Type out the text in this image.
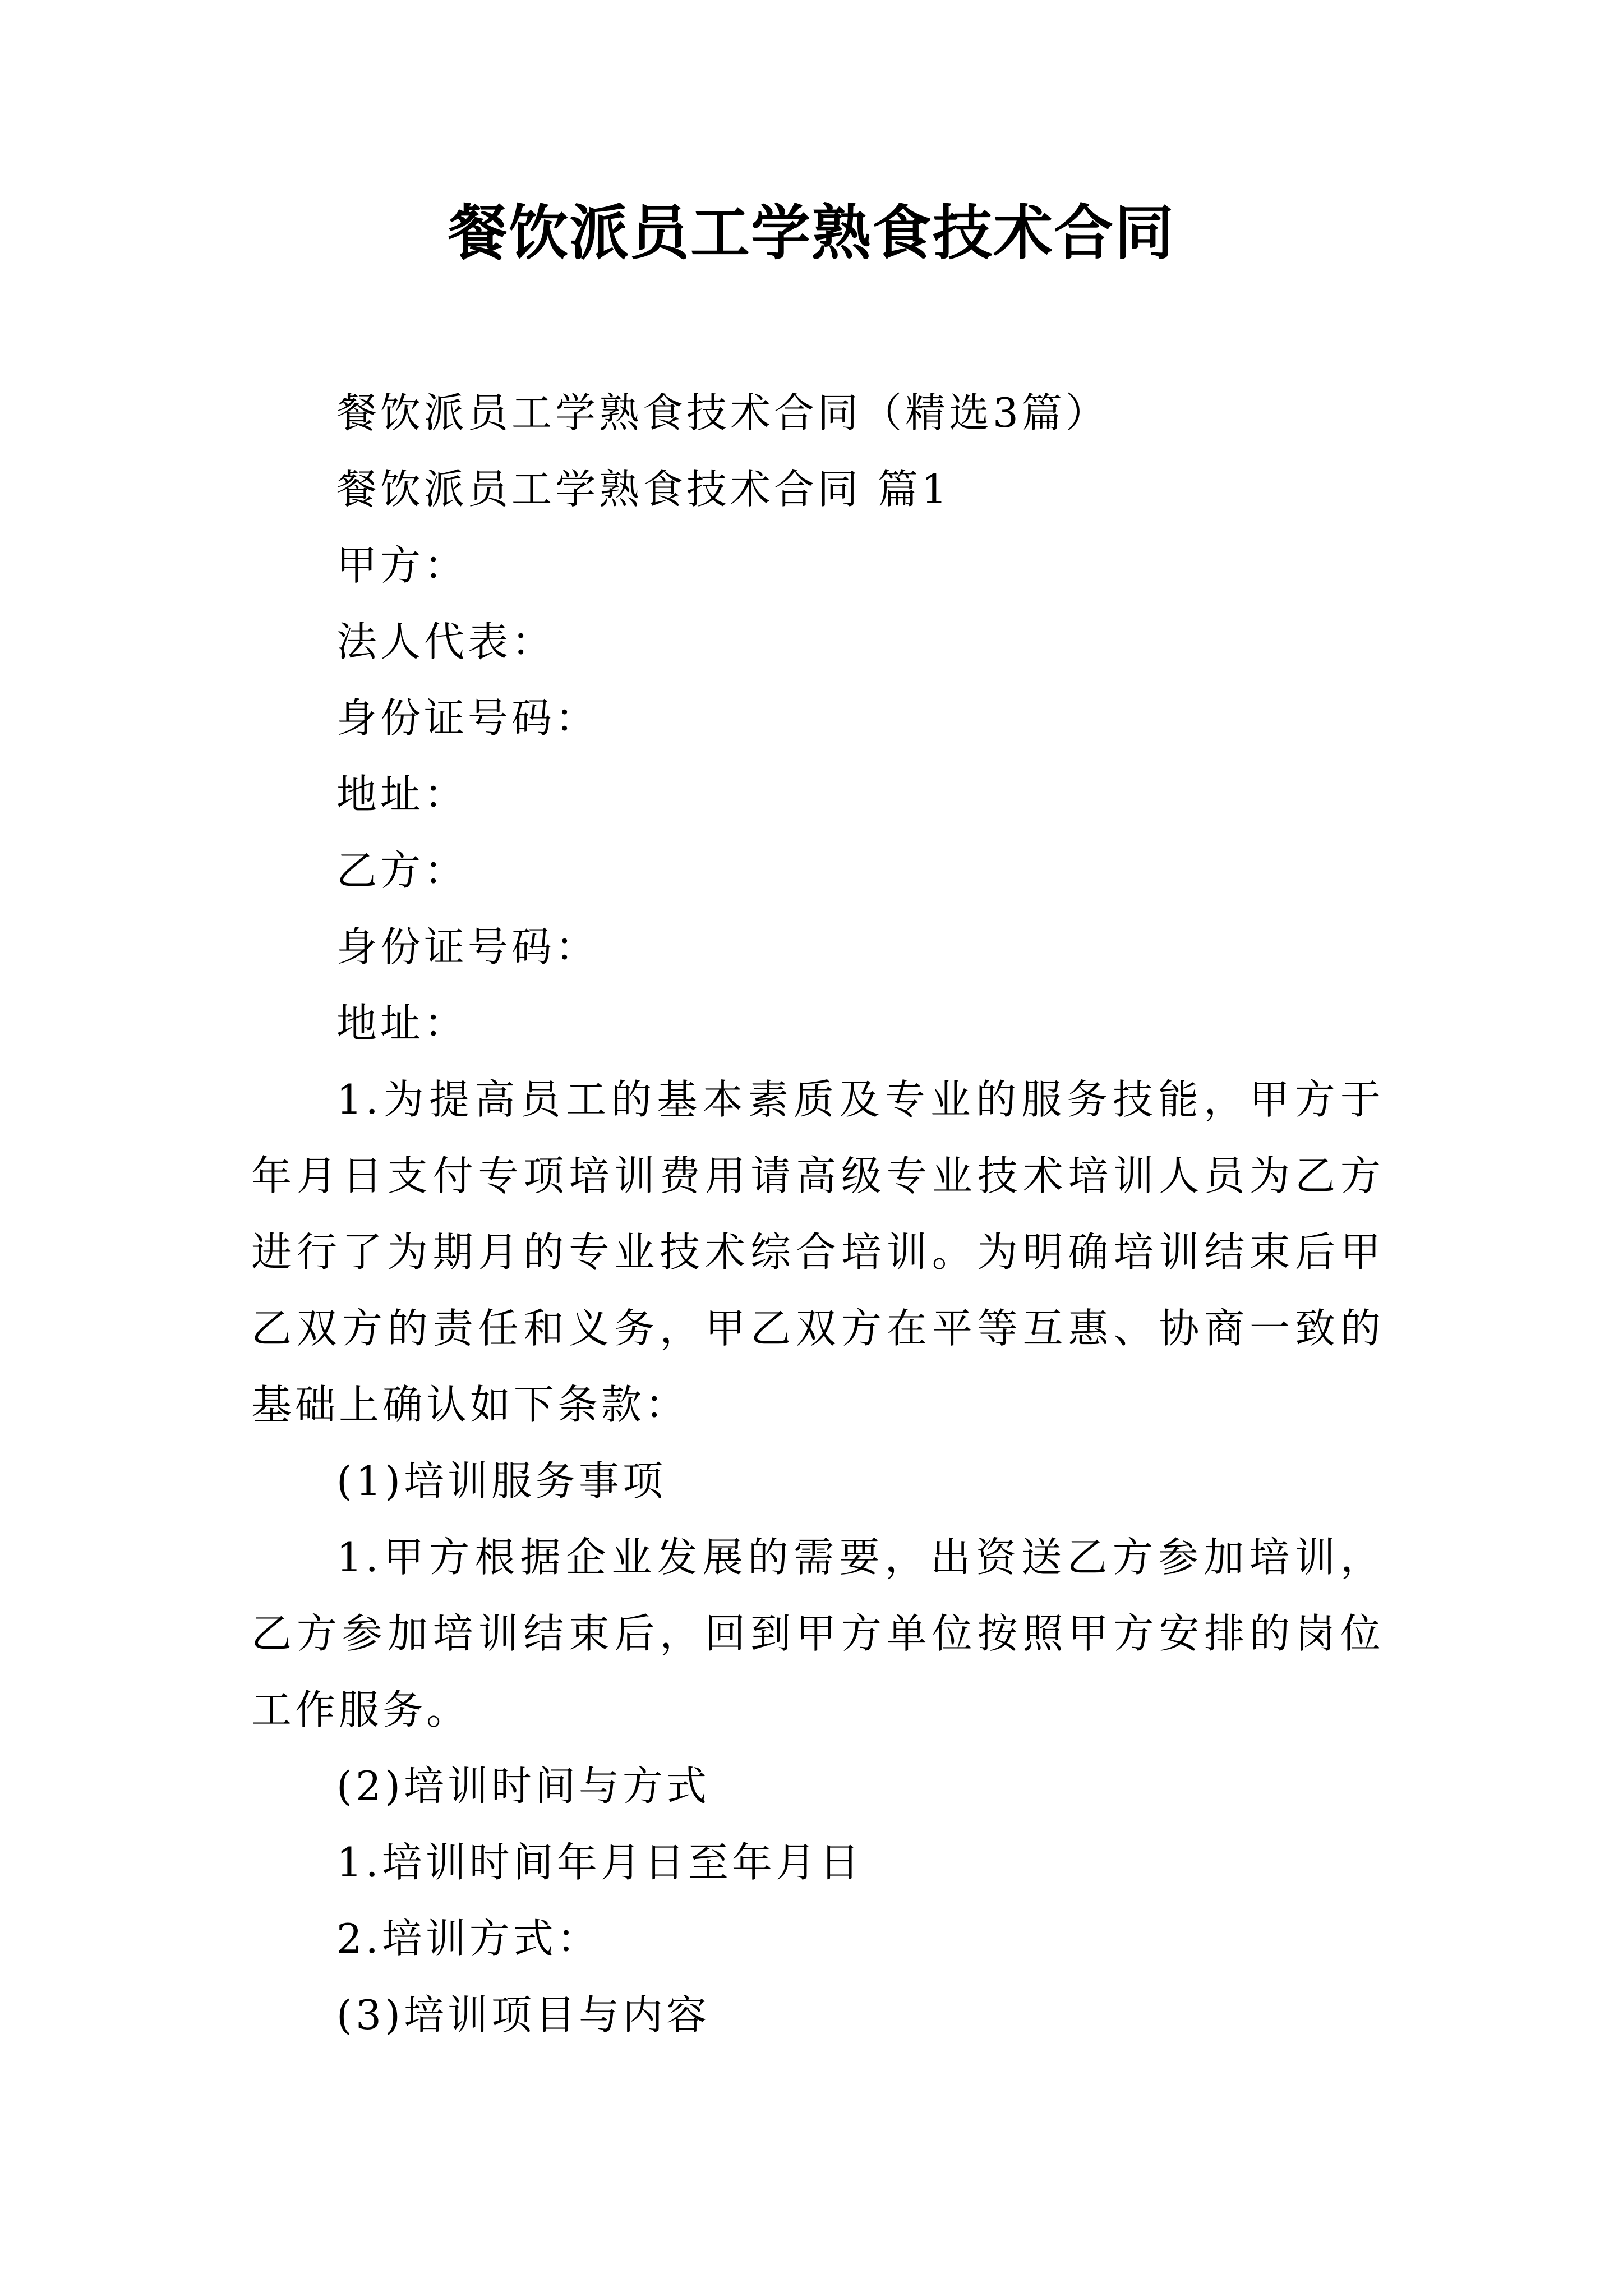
餐饮派员工学熟食技术合同

餐饮派员工学熟食技术合同（精选3篇）

餐饮派员工学熟食技术合同 篇1

甲方：

法人代表：

身份证号码：

地址：

乙方：

身份证号码：

地址：

1.为提高员工的基本素质及专业的服务技能，甲方于年月日支付专项培训费用请高级专业技术培训人员为乙方进行了为期月的专业技术综合培训。为明确培训结束后甲乙双方的责任和义务，甲乙双方在平等互惠、协商一致的基础上确认如下条款：

(1)培训服务事项

1.甲方根据企业发展的需要，出资送乙方参加培训，乙方参加培训结束后，回到甲方单位按照甲方安排的岗位工作服务。

(2)培训时间与方式

1.培训时间年月日至年月日

2.培训方式：

(3)培训项目与内容
